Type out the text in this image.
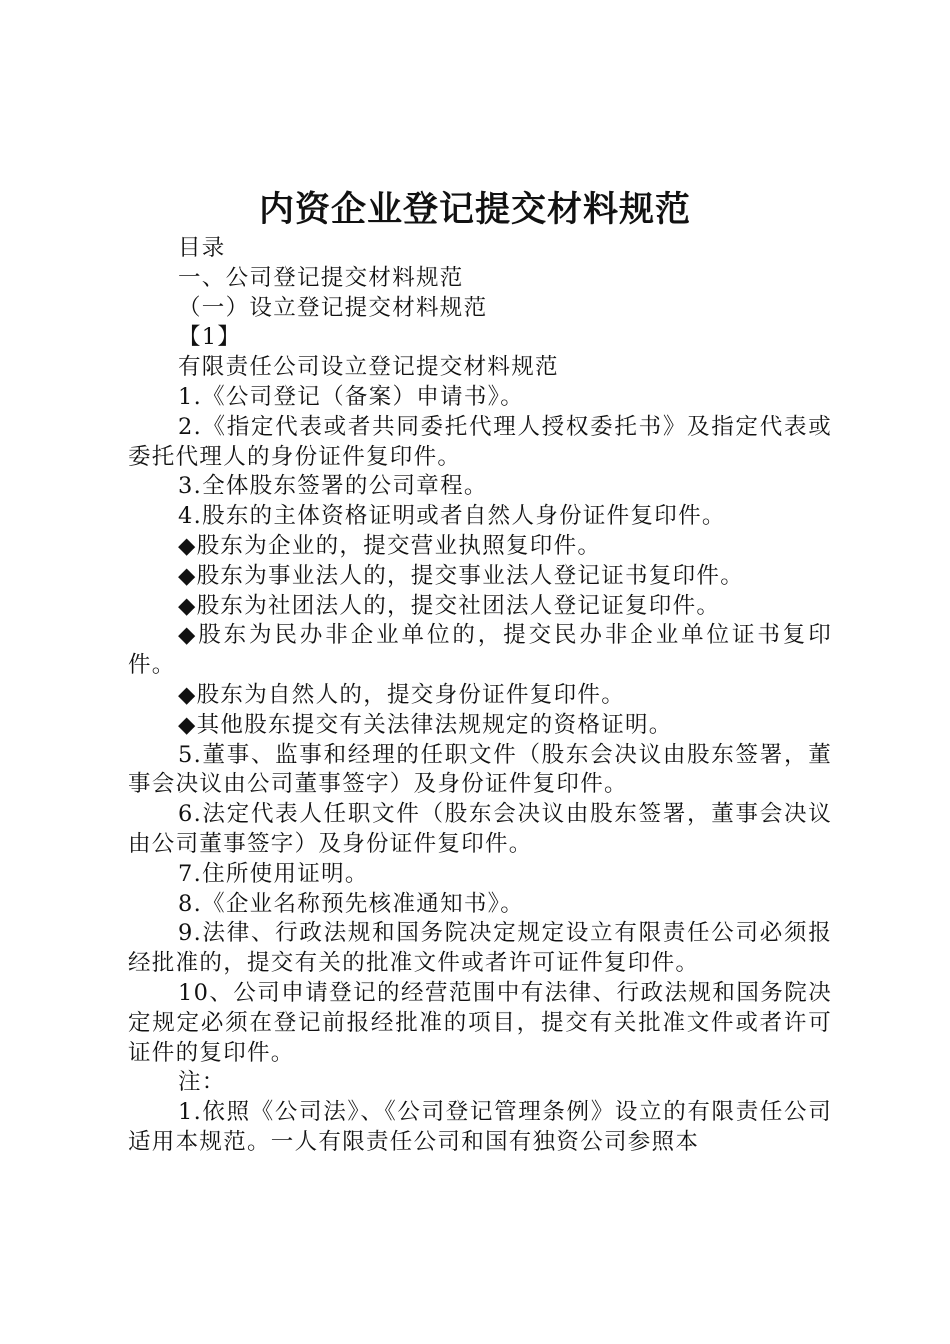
内资企业登记提交材料规范

目录

一、公司登记提交材料规范

（一）设立登记提交材料规范

【1】

有限责任公司设立登记提交材料规范

1.《公司登记（备案）申请书》。

2.《指定代表或者共同委托代理人授权委托书》及指定代表或委托代理人的身份证件复印件。

3.全体股东签署的公司章程。

4.股东的主体资格证明或者自然人身份证件复印件。

◆股东为企业的，提交营业执照复印件。

◆股东为事业法人的，提交事业法人登记证书复印件。

◆股东为社团法人的，提交社团法人登记证复印件。

◆股东为民办非企业单位的，提交民办非企业单位证书复印件。

◆股东为自然人的，提交身份证件复印件。

◆其他股东提交有关法律法规规定的资格证明。

5.董事、监事和经理的任职文件（股东会决议由股东签署，董事会决议由公司董事签字）及身份证件复印件。

6.法定代表人任职文件（股东会决议由股东签署，董事会决议由公司董事签字）及身份证件复印件。

7.住所使用证明。

8.《企业名称预先核准通知书》。

9.法律、行政法规和国务院决定规定设立有限责任公司必须报经批准的，提交有关的批准文件或者许可证件复印件。

10、公司申请登记的经营范围中有法律、行政法规和国务院决定规定必须在登记前报经批准的项目，提交有关批准文件或者许可证件的复印件。

注：

1.依照《公司法》、《公司登记管理条例》设立的有限责任公司适用本规范。一人有限责任公司和国有独资公司参照本
